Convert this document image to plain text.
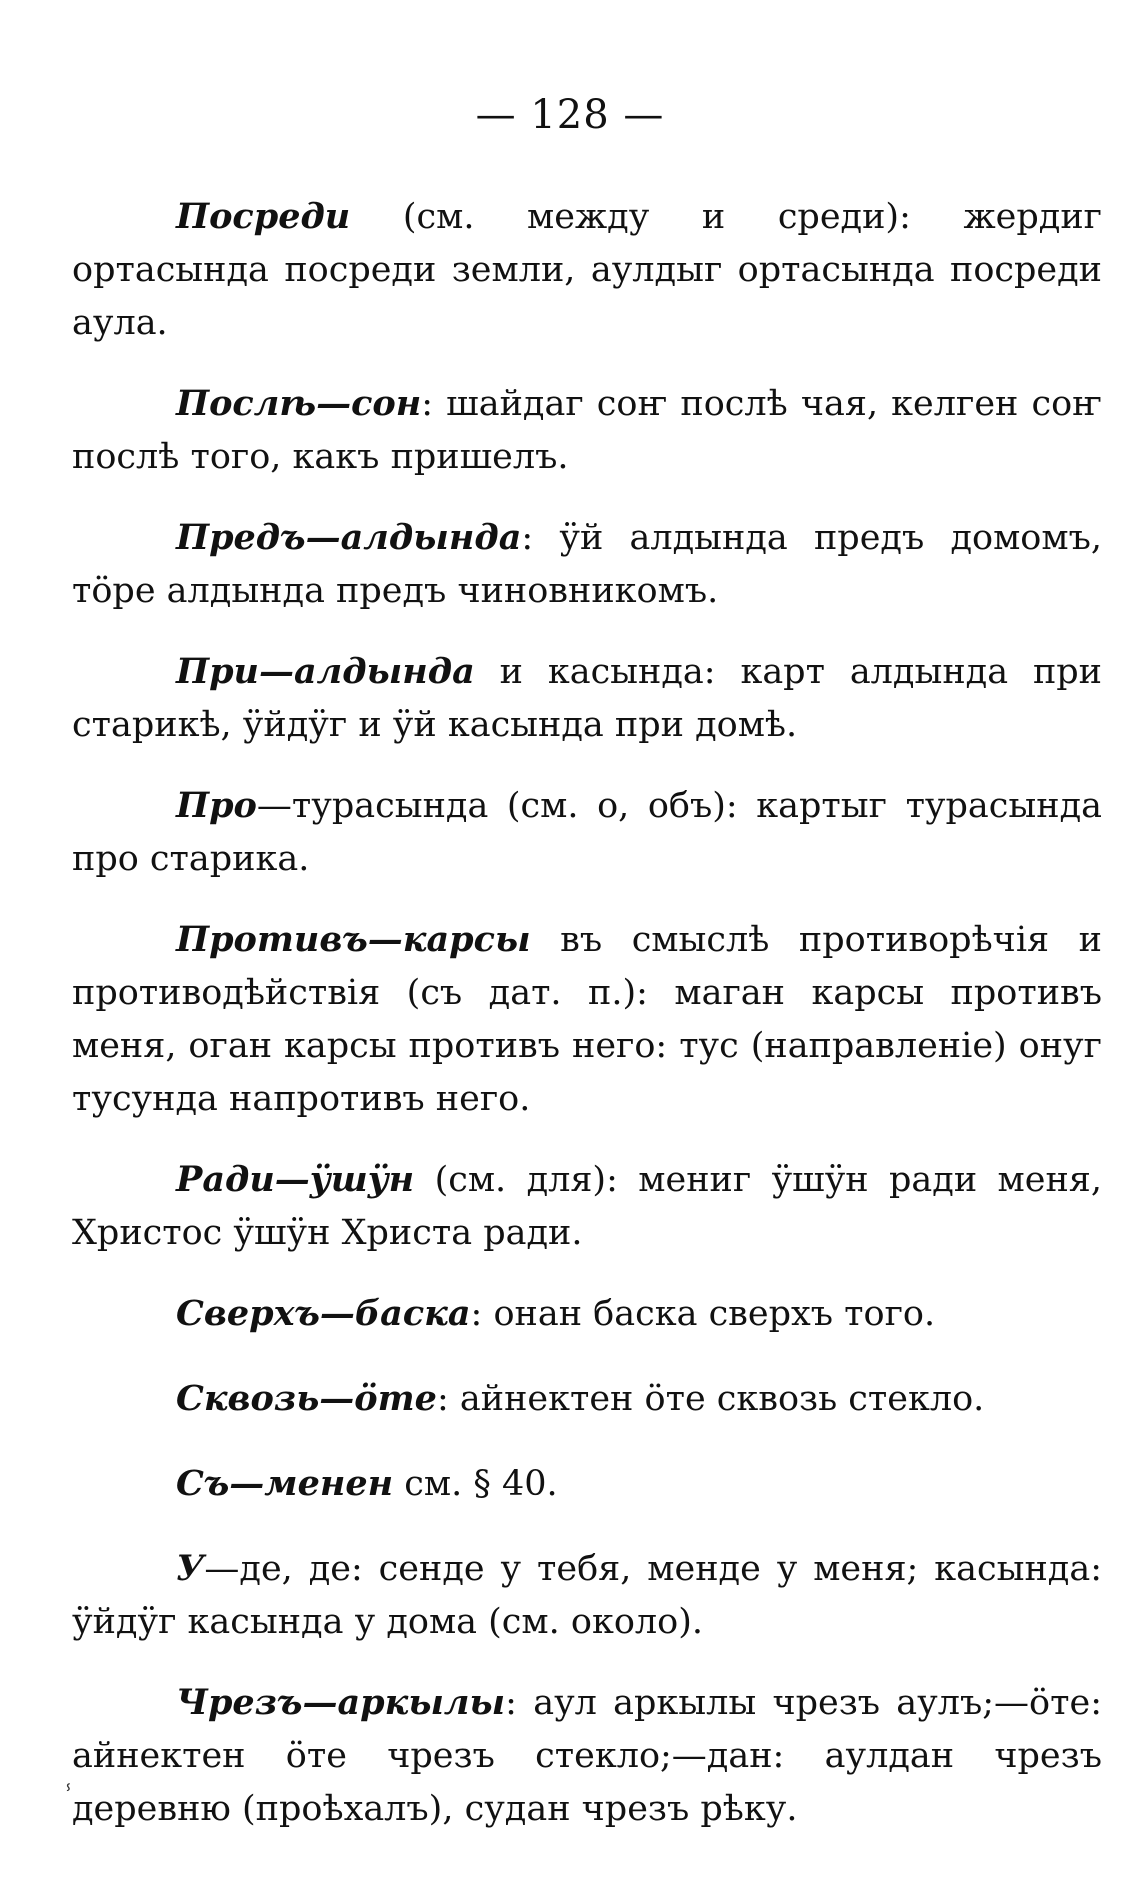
— 128 —

Посреди (см. между и среди): жердиг ортасында посреди земли, аулдыг ортасында посреди аула.

Послѣ—сон: шайдаг соҥ послѣ чая, келген соҥ послѣ того, какъ пришелъ.

Предъ—алдында: ӱй алдында предъ домомъ, тӧре алдында предъ чиновникомъ.

При—алдында и касында: карт алдында при старикѣ, ӱйдӱг и ӱй касында при домѣ.

Про—турасында (см. о, объ): картыг турасында про старика.

Противъ—карсы въ смыслѣ противорѣчія и противодѣйствія (съ дат. п.): маган карсы противъ меня, оган карсы противъ него: тус (направленіе) онуг тусунда напротивъ него.

Ради—ӱшӱн (см. для): мениг ӱшӱн ради меня, Христос ӱшӱн Христа ради.

Сверхъ—баска: онан баска сверхъ того.

Сквозь—ӧте: айнектен ӧте сквозь стекло.

Съ—менен см. § 40.

У—де, де: сенде у тебя, менде у меня; касында: ӱйдӱг касында у дома (см. около).

Чрезъ—аркылы: аул аркылы чрезъ аулъ;—ӧте: айнектен ӧте чрезъ стекло;—дан: аулдан чрезъ деревню (проѣхалъ), судан чрезъ рѣку.

ⸯ
